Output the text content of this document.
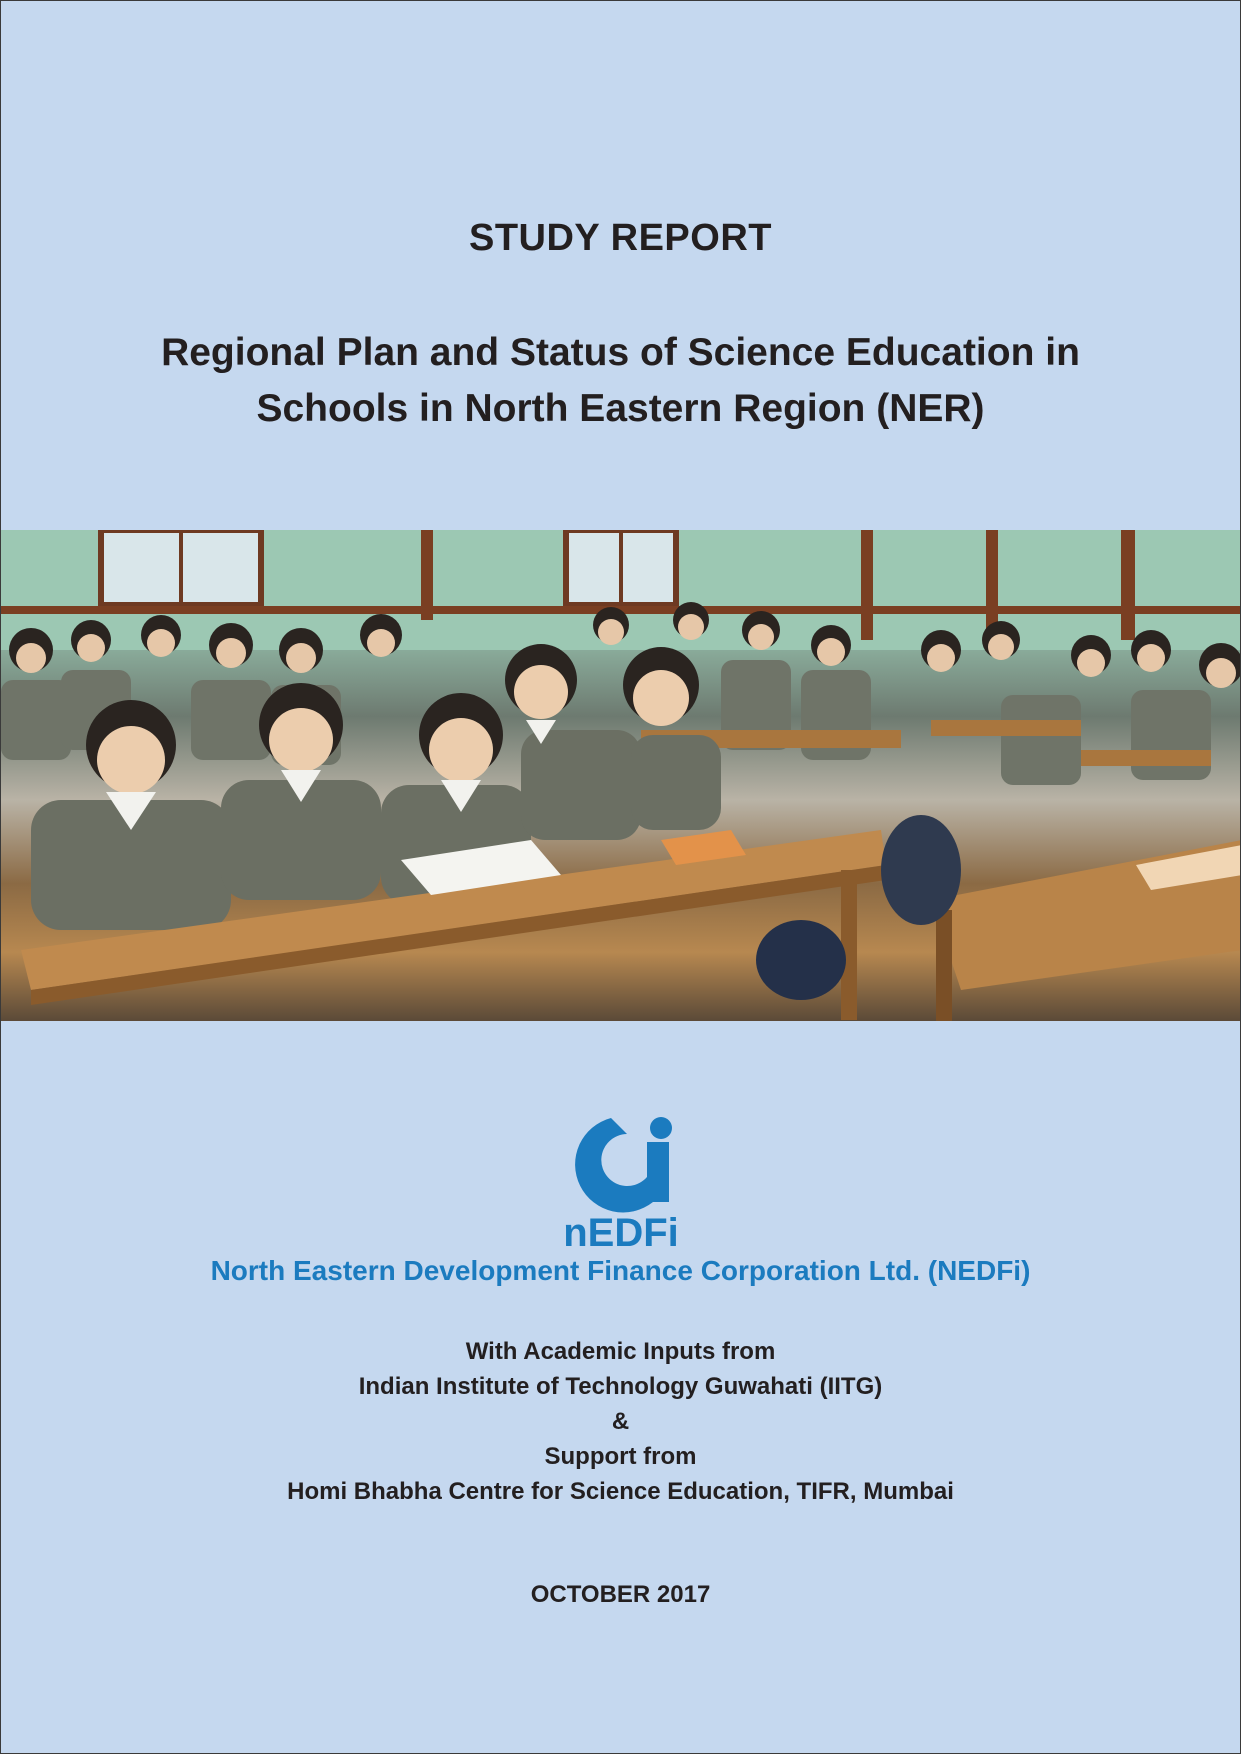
STUDY REPORT
Regional Plan and Status of Science Education in
Schools in North Eastern Region (NER)
nEDFi
North Eastern Development Finance Corporation Ltd. (NEDFi)
With Academic Inputs from
Indian Institute of Technology Guwahati (IITG)
&
Support from
Homi Bhabha Centre for Science Education, TIFR, Mumbai
OCTOBER 2017
